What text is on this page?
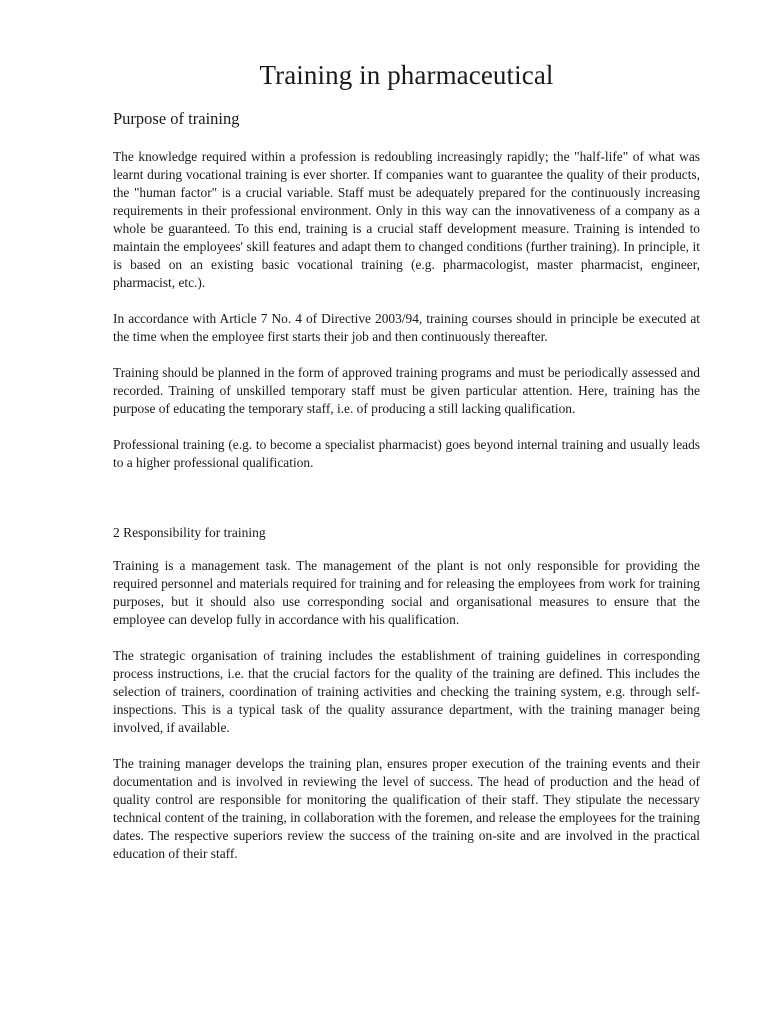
Training in pharmaceutical
Purpose of training

The knowledge required within a profession is redoubling increasingly rapidly; the "half-life" of what was learnt during vocational training is ever shorter. If companies want to guarantee the quality of their products, the "human factor" is a crucial variable. Staff must be adequately prepared for the continuously increasing requirements in their professional environment. Only in this way can the innovativeness of a company as a whole be guaranteed. To this end, training is a crucial staff development measure. Training is intended to maintain the employees' skill features and adapt them to changed conditions (further training). In principle, it is based on an existing basic vocational training (e.g. pharmacologist, master pharmacist, engineer, pharmacist, etc.).

In accordance with Article 7 No. 4 of Directive 2003/94, training courses should in principle be executed at the time when the employee first starts their job and then continuously thereafter.

Training should be planned in the form of approved training programs and must be periodically assessed and recorded. Training of unskilled temporary staff must be given particular attention. Here, training has the purpose of educating the temporary staff, i.e. of producing a still lacking qualification.

Professional training (e.g. to become a specialist pharmacist) goes beyond internal training and usually leads to a higher professional qualification.

2 Responsibility for training

Training is a management task. The management of the plant is not only responsible for providing the required personnel and materials required for training and for releasing the employees from work for training purposes, but it should also use corresponding social and organisational measures to ensure that the employee can develop fully in accordance with his qualification.

The strategic organisation of training includes the establishment of training guidelines in corresponding process instructions, i.e. that the crucial factors for the quality of the training are defined. This includes the selection of trainers, coordination of training activities and checking the training system, e.g. through self-inspections. This is a typical task of the quality assurance department, with the training manager being involved, if available.

The training manager develops the training plan, ensures proper execution of the training events and their documentation and is involved in reviewing the level of success. The head of production and the head of quality control are responsible for monitoring the qualification of their staff. They stipulate the necessary technical content of the training, in collaboration with the foremen, and release the employees for the training dates. The respective superiors review the success of the training on-site and are involved in the practical education of their staff.
